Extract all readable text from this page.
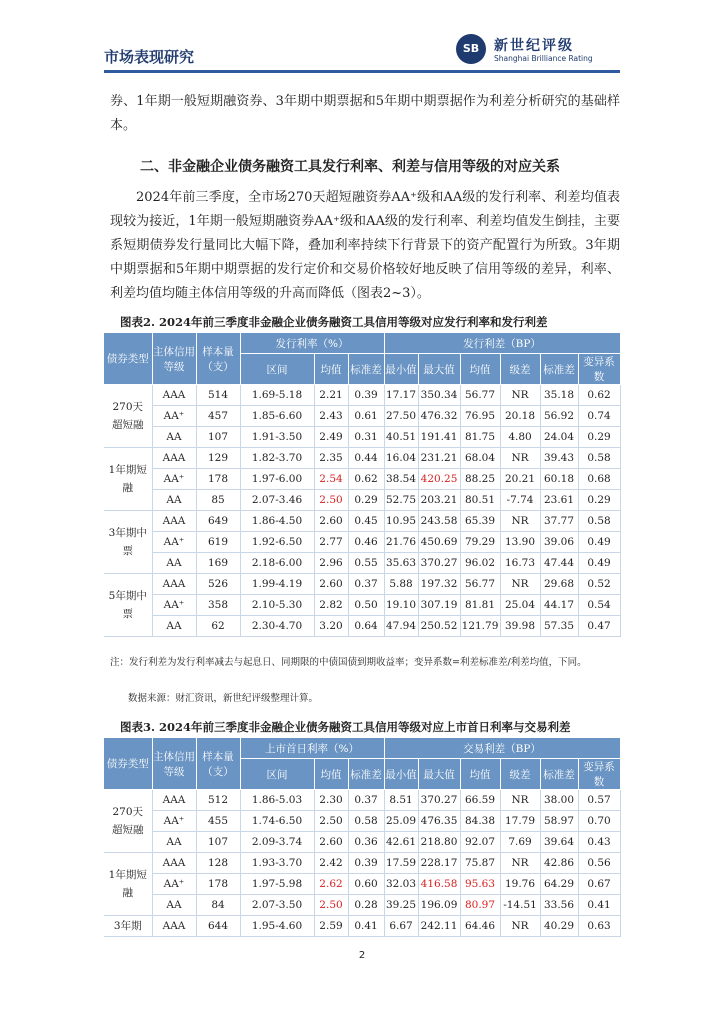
市场表现研究	SB	新世纪评级
Shanghai Brilliance Rating

券、1年期一般短期融资券、3年期中期票据和5年期中期票据作为利差分析研究的基础样本。

二、非金融企业债务融资工具发行利率、利差与信用等级的对应关系

2024年前三季度，全市场270天超短融资券AA⁺级和AA级的发行利率、利差均值表现较为接近，1年期一般短期融资券AA⁺级和AA级的发行利率、利差均值发生倒挂，主要系短期债券发行量同比大幅下降，叠加利率持续下行背景下的资产配置行为所致。3年期中期票据和5年期中期票据的发行定价和交易价格较好地反映了信用等级的差异，利率、利差均值均随主体信用等级的升高而降低（图表2~3）。

图表2. 2024年前三季度非金融企业债务融资工具信用等级对应发行利率和发行利差
债券类型	主体信用等级	样本量（支）	发行利率（%）			发行利差（BP）					
			区间	均值	标准差	最小值	最大值	均值	级差	标准差	变异系数
270天超短融	AAA	514	1.69-5.18	2.21	0.39	17.17	350.34	56.77	NR	35.18	0.62
	AA⁺	457	1.85-6.60	2.43	0.61	27.50	476.32	76.95	20.18	56.92	0.74
	AA	107	1.91-3.50	2.49	0.31	40.51	191.41	81.75	4.80	24.04	0.29
1年期短融	AAA	129	1.82-3.70	2.35	0.44	16.04	231.21	68.04	NR	39.43	0.58
	AA⁺	178	1.97-6.00	2.54	0.62	38.54	420.25	88.25	20.21	60.18	0.68
	AA	85	2.07-3.46	2.50	0.29	52.75	203.21	80.51	-7.74	23.61	0.29
3年期中票	AAA	649	1.86-4.50	2.60	0.45	10.95	243.58	65.39	NR	37.77	0.58
	AA⁺	619	1.92-6.50	2.77	0.46	21.76	450.69	79.29	13.90	39.06	0.49
	AA	169	2.18-6.00	2.96	0.55	35.63	370.27	96.02	16.73	47.44	0.49
5年期中票	AAA	526	1.99-4.19	2.60	0.37	5.88	197.32	56.77	NR	29.68	0.52
	AA⁺	358	2.10-5.30	2.82	0.50	19.10	307.19	81.81	25.04	44.17	0.54
	AA	62	2.30-4.70	3.20	0.64	47.94	250.52	121.79	39.98	57.35	0.47
注：发行利差为发行利率减去与起息日、同期限的中债国债到期收益率；变异系数=利差标准差/利差均值，下同。
数据来源：财汇资讯，新世纪评级整理计算。
图表3. 2024年前三季度非金融企业债务融资工具信用等级对应上市首日利率与交易利差
债券类型	主体信用等级	样本量（支）	上市首日利率（%）			交易利差（BP）					
			区间	均值	标准差	最小值	最大值	均值	级差	标准差	变异系数
270天超短融	AAA	512	1.86-5.03	2.30	0.37	8.51	370.27	66.59	NR	38.00	0.57
	AA⁺	455	1.74-6.50	2.50	0.58	25.09	476.35	84.38	17.79	58.97	0.70
	AA	107	2.09-3.74	2.60	0.36	42.61	218.80	92.07	7.69	39.64	0.43
1年期短融	AAA	128	1.93-3.70	2.42	0.39	17.59	228.17	75.87	NR	42.86	0.56
	AA⁺	178	1.97-5.98	2.62	0.60	32.03	416.58	95.63	19.76	64.29	0.67
	AA	84	2.07-3.50	2.50	0.28	39.25	196.09	80.97	-14.51	33.56	0.41
3年期	AAA	644	1.95-4.60	2.59	0.41	6.67	242.11	64.46	NR	40.29	0.63
2
